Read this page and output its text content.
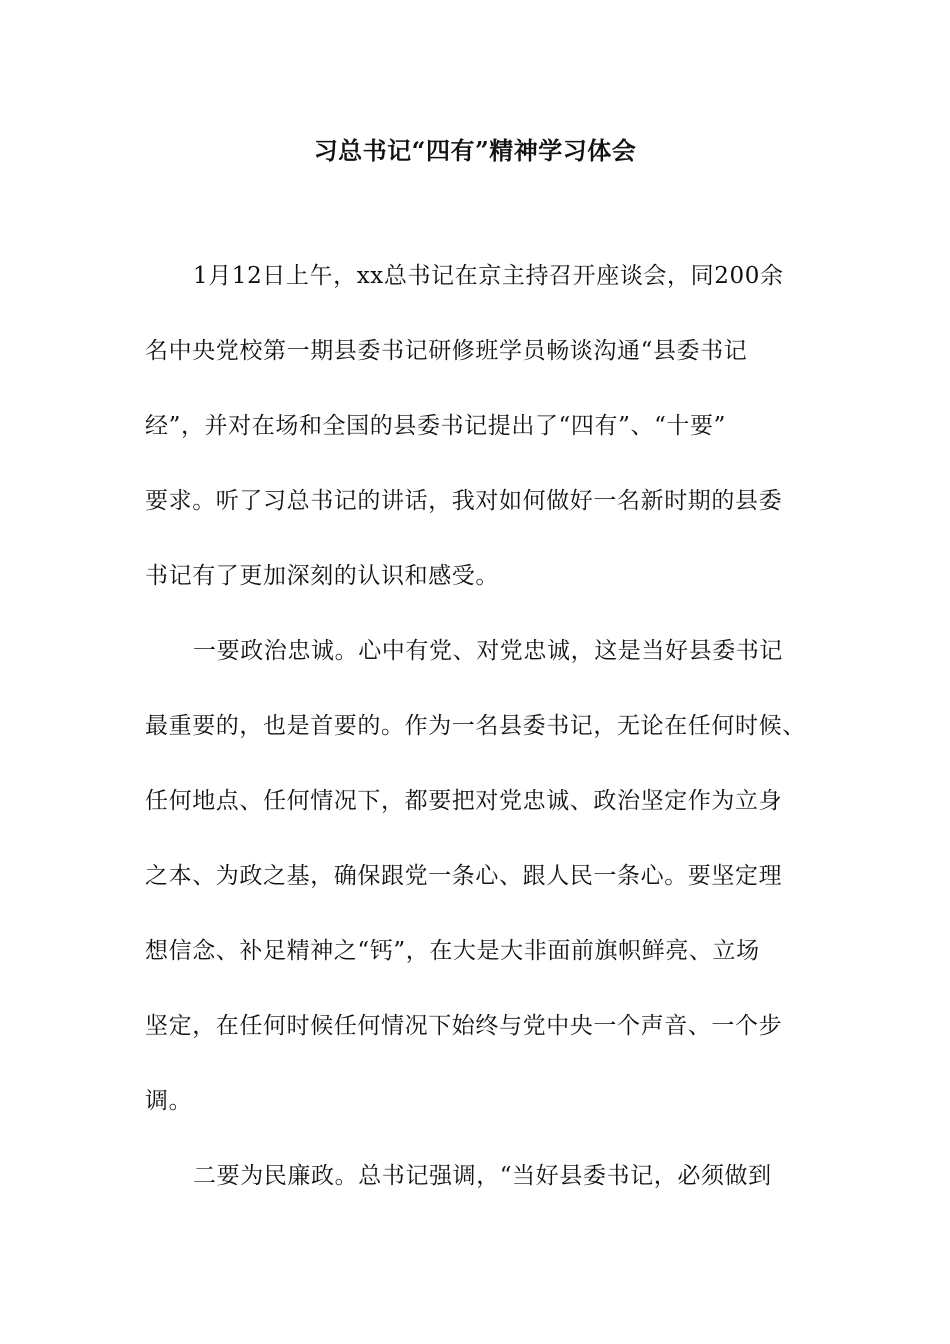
习总书记“四有”精神学习体会

1月12日上午，xx总书记在京主持召开座谈会，同200余

名中央党校第一期县委书记研修班学员畅谈沟通“县委书记

经”，并对在场和全国的县委书记提出了“四有”、“十要”

要求。听了习总书记的讲话，我对如何做好一名新时期的县委

书记有了更加深刻的认识和感受。

一要政治忠诚。心中有党、对党忠诚，这是当好县委书记

最重要的，也是首要的。作为一名县委书记，无论在任何时候、

任何地点、任何情况下，都要把对党忠诚、政治坚定作为立身

之本、为政之基，确保跟党一条心、跟人民一条心。要坚定理

想信念、补足精神之“钙”，在大是大非面前旗帜鲜亮、立场

坚定，在任何时候任何情况下始终与党中央一个声音、一个步

调。

二要为民廉政。总书记强调，“当好县委书记，必须做到
